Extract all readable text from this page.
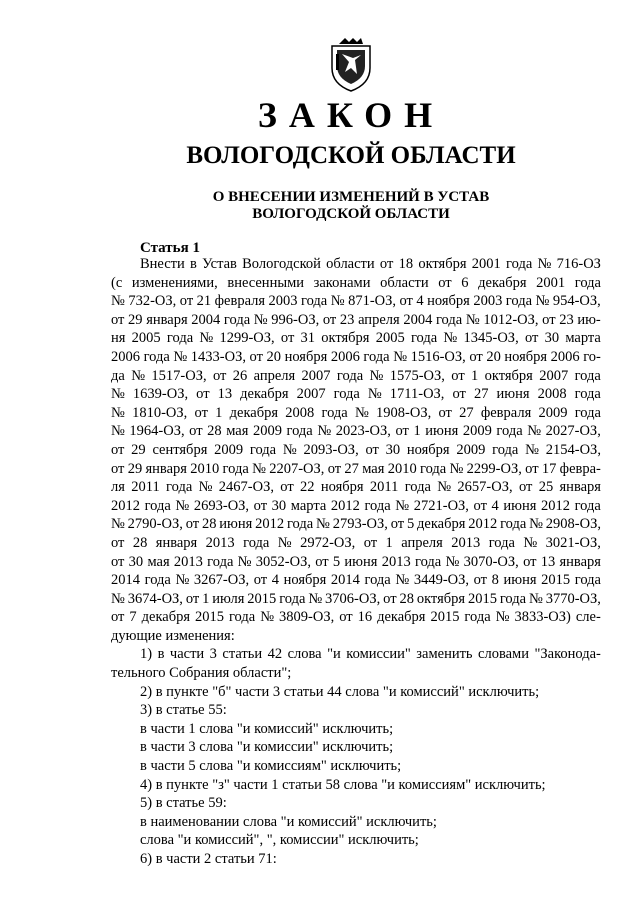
ЗАКОН
ВОЛОГОДСКОЙ ОБЛАСТИ
О ВНЕСЕНИИ ИЗМЕНЕНИЙ В УСТАВ
ВОЛОГОДСКОЙ ОБЛАСТИ
Статья 1
Внести в Устав Вологодской области от 18 октября 2001 года № 716-ОЗ
(с изменениями, внесенными законами области от 6 декабря 2001 года
№ 732-ОЗ, от 21 февраля 2003 года № 871-ОЗ, от 4 ноября 2003 года № 954-ОЗ,
от 29 января 2004 года № 996-ОЗ, от 23 апреля 2004 года № 1012-ОЗ, от 23 ию-
ня 2005 года № 1299-ОЗ, от 31 октября 2005 года № 1345-ОЗ, от 30 марта
2006 года № 1433-ОЗ, от 20 ноября 2006 года № 1516-ОЗ, от 20 ноября 2006 го-
да № 1517-ОЗ, от 26 апреля 2007 года № 1575-ОЗ, от 1 октября 2007 года
№ 1639-ОЗ, от 13 декабря 2007 года № 1711-ОЗ, от 27 июня 2008 года
№ 1810-ОЗ, от 1 декабря 2008 года № 1908-ОЗ, от 27 февраля 2009 года
№ 1964-ОЗ, от 28 мая 2009 года № 2023-ОЗ, от 1 июня 2009 года № 2027-ОЗ,
от 29 сентября 2009 года № 2093-ОЗ, от 30 ноября 2009 года № 2154-ОЗ,
от 29 января 2010 года № 2207-ОЗ, от 27 мая 2010 года № 2299-ОЗ, от 17 февра-
ля 2011 года № 2467-ОЗ, от 22 ноября 2011 года № 2657-ОЗ, от 25 января
2012 года № 2693-ОЗ, от 30 марта 2012 года № 2721-ОЗ, от 4 июня 2012 года
№ 2790-ОЗ, от 28 июня 2012 года № 2793-ОЗ, от 5 декабря 2012 года № 2908-ОЗ,
от 28 января 2013 года № 2972-ОЗ, от 1 апреля 2013 года № 3021-ОЗ,
от 30 мая 2013 года № 3052-ОЗ, от 5 июня 2013 года № 3070-ОЗ, от 13 января
2014 года № 3267-ОЗ, от 4 ноября 2014 года № 3449-ОЗ, от 8 июня 2015 года
№ 3674-ОЗ, от 1 июля 2015 года № 3706-ОЗ, от 28 октября 2015 года № 3770-ОЗ,
от 7 декабря 2015 года № 3809-ОЗ, от 16 декабря 2015 года № 3833-ОЗ) сле-
дующие изменения:
1) в части 3 статьи 42 слова "и комиссии" заменить словами "Законода-
тельного Собрания области";
2) в пункте "б" части 3 статьи 44 слова "и комиссий" исключить;
3) в статье 55:
в части 1 слова "и комиссий" исключить;
в части 3 слова "и комиссии" исключить;
в части 5 слова "и комиссиям" исключить;
4) в пункте "з" части 1 статьи 58 слова "и комиссиям" исключить;
5) в статье 59:
в наименовании слова "и комиссий" исключить;
слова "и комиссий", ", комиссии" исключить;
6) в части 2 статьи 71:
